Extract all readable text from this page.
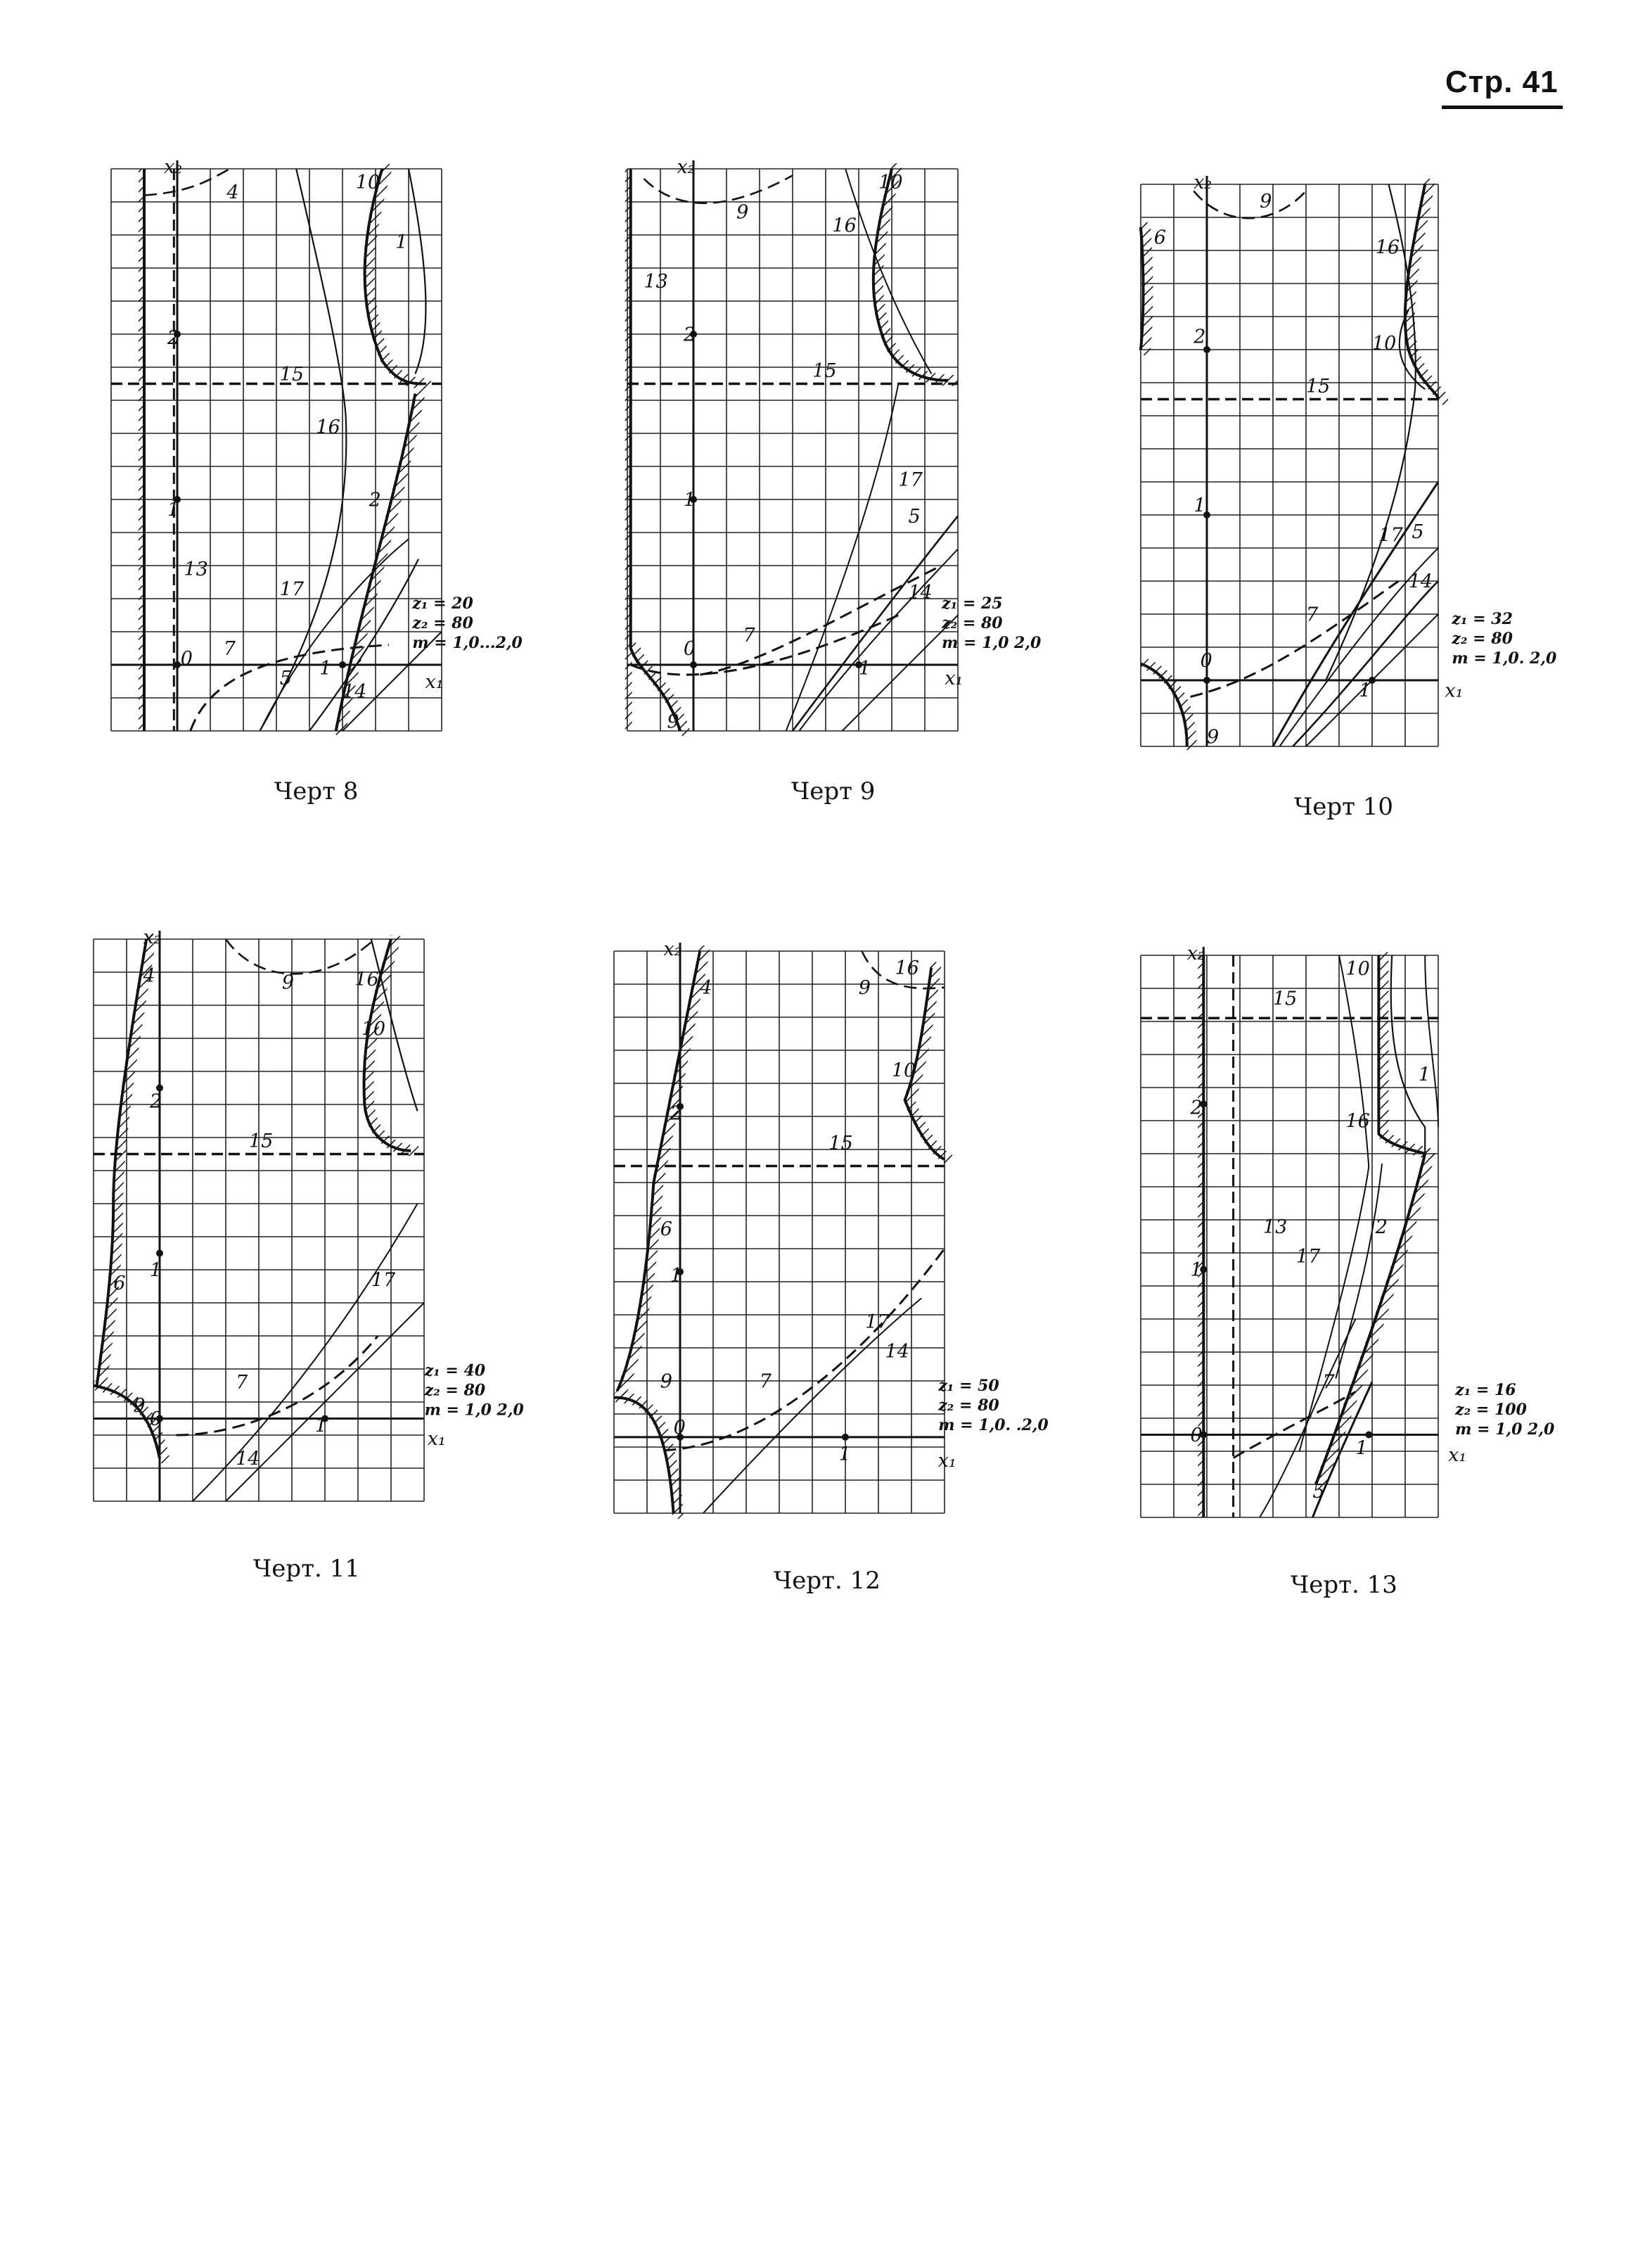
Стр. 41
x₁
x₂
0
1
2
1
4	10
1
15
16
2
13
17
7
5
14
z₁ = 20
z₂ = 80
m = 1,0...2,0
Черт 8
x₁
x₂
0
1
2
1
9
10
16
13
15
17
5
14
7
9
z₁ = 25
z₂ = 80
m = 1,0 2,0
Черт 9
x₁
x₂
0
1
2
1
9
6	16
10
15
17 5
14
7
9
z₁ = 32
z₂ = 80
m = 1,0. 2,0
Черт 10
x₁
x₂
0
1
2
1
4	9	16
10
15
6	17
7
9
14
z₁ = 40
z₂ = 80
m = 1,0 2,0
Черт. 11
x₁
x₂
0
1
2
1
4
16
9
10
15
6
17
14
7
9	z₁ = 50
z₂ = 80
m = 1,0. .2,0
Черт. 12
x₁
x₂
0
1
2
1
10
15
1
16
13	2
17
7
5
z₁ = 16
z₂ = 100
m = 1,0 2,0
Черт. 13
